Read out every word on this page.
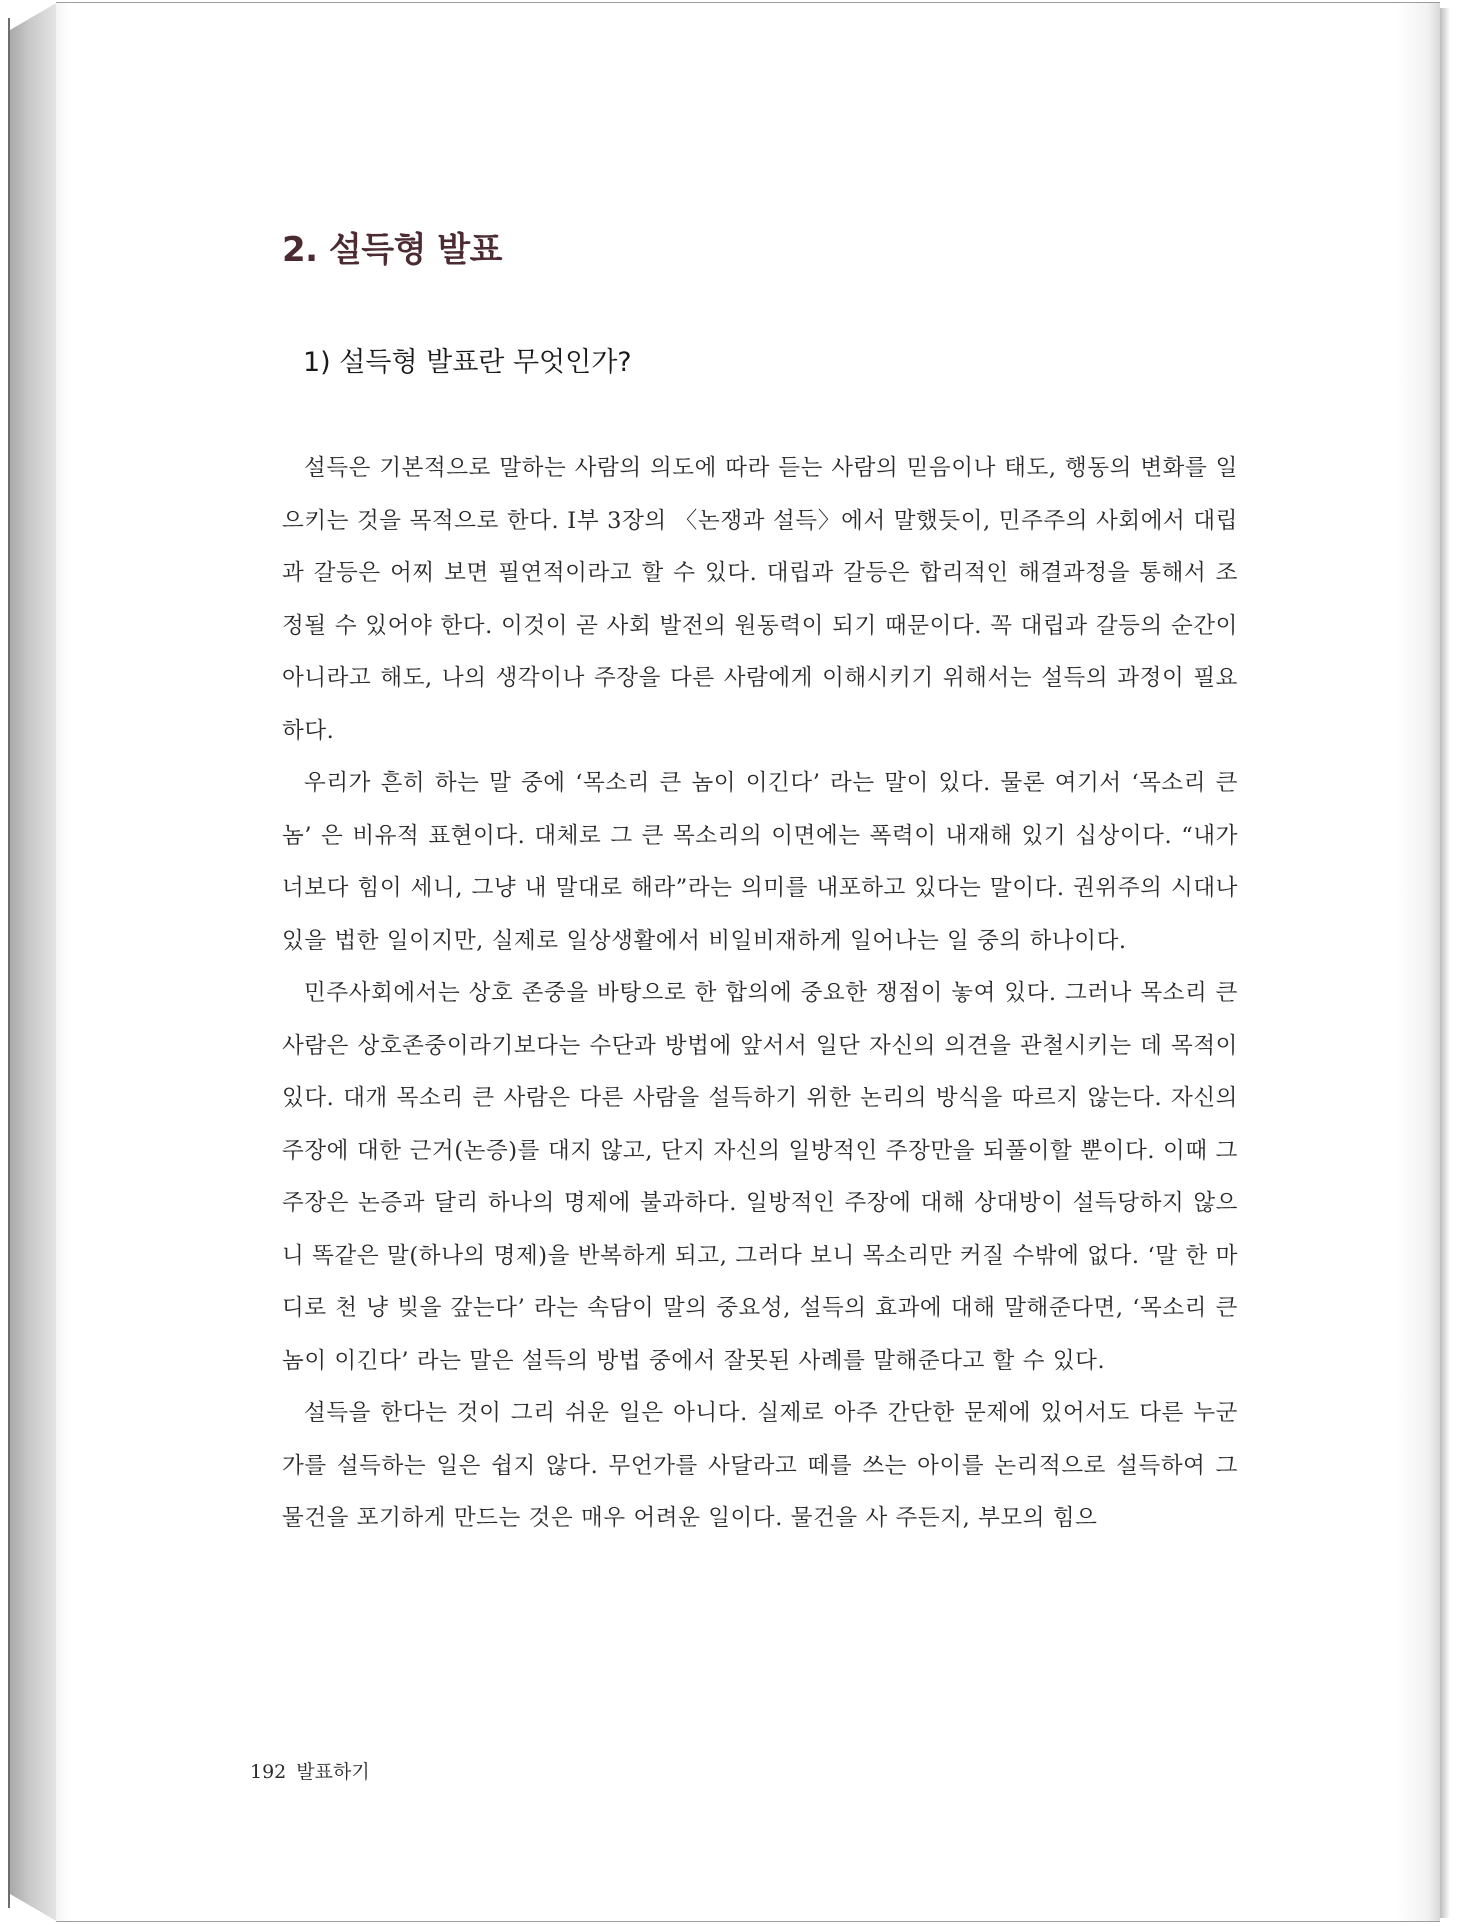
2. 설득형 발표
1) 설득형 발표란 무엇인가?

설득은 기본적으로 말하는 사람의 의도에 따라 듣는 사람의 믿음이나 태도, 행동의 변화를 일으키는 것을 목적으로 한다. Ⅰ부 3장의 〈논쟁과 설득〉에서 말했듯이, 민주주의 사회에서 대립과 갈등은 어찌 보면 필연적이라고 할 수 있다. 대립과 갈등은 합리적인 해결과정을 통해서 조정될 수 있어야 한다. 이것이 곧 사회 발전의 원동력이 되기 때문이다. 꼭 대립과 갈등의 순간이 아니라고 해도, 나의 생각이나 주장을 다른 사람에게 이해시키기 위해서는 설득의 과정이 필요하다.

우리가 흔히 하는 말 중에 ‘목소리 큰 놈이 이긴다’ 라는 말이 있다. 물론 여기서 ‘목소리 큰 놈’ 은 비유적 표현이다. 대체로 그 큰 목소리의 이면에는 폭력이 내재해 있기 십상이다. “내가 너보다 힘이 세니, 그냥 내 말대로 해라”라는 의미를 내포하고 있다는 말이다. 권위주의 시대나 있을 법한 일이지만, 실제로 일상생활에서 비일비재하게 일어나는 일 중의 하나이다.

민주사회에서는 상호 존중을 바탕으로 한 합의에 중요한 쟁점이 놓여 있다. 그러나 목소리 큰 사람은 상호존중이라기보다는 수단과 방법에 앞서서 일단 자신의 의견을 관철시키는 데 목적이 있다. 대개 목소리 큰 사람은 다른 사람을 설득하기 위한 논리의 방식을 따르지 않는다. 자신의 주장에 대한 근거(논증)를 대지 않고, 단지 자신의 일방적인 주장만을 되풀이할 뿐이다. 이때 그 주장은 논증과 달리 하나의 명제에 불과하다. 일방적인 주장에 대해 상대방이 설득당하지 않으니 똑같은 말(하나의 명제)을 반복하게 되고, 그러다 보니 목소리만 커질 수밖에 없다. ‘말 한 마디로 천 냥 빚을 갚는다’ 라는 속담이 말의 중요성, 설득의 효과에 대해 말해준다면, ‘목소리 큰 놈이 이긴다’ 라는 말은 설득의 방법 중에서 잘못된 사례를 말해준다고 할 수 있다.

설득을 한다는 것이 그리 쉬운 일은 아니다. 실제로 아주 간단한 문제에 있어서도 다른 누군가를 설득하는 일은 쉽지 않다. 무언가를 사달라고 떼를 쓰는 아이를 논리적으로 설득하여 그 물건을 포기하게 만드는 것은 매우 어려운 일이다. 물건을 사 주든지, 부모의 힘으

192 발표하기
